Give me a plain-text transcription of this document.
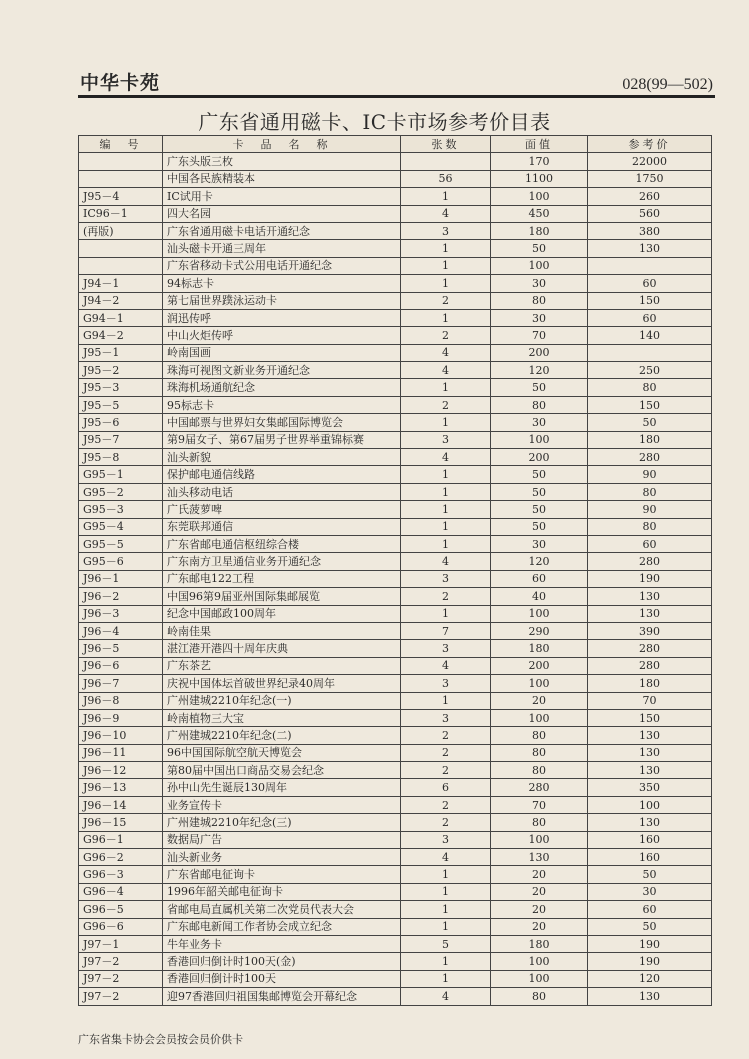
中华卡苑	028(99—502)
广东省通用磁卡、IC卡市场参考价目表
编　号	卡　品　名　称	张数	面值	参考价
	广东头版三枚		170	22000
	中国各民族精装本	56	1100	1750
J95－4	IC试用卡	1	100	260
IC96－1	四大名园	4	450	560
(再版)	广东省通用磁卡电话开通纪念	3	180	380
	汕头磁卡开通三周年	1	50	130
	广东省移动卡式公用电话开通纪念	1	100	
J94－1	94标志卡	1	30	60
J94－2	第七届世界蹼泳运动卡	2	80	150
G94－1	润迅传呼	1	30	60
G94－2	中山火炬传呼	2	70	140
J95－1	岭南国画	4	200	
J95－2	珠海可视图文新业务开通纪念	4	120	250
J95－3	珠海机场通航纪念	1	50	80
J95－5	95标志卡	2	80	150
J95－6	中国邮票与世界妇女集邮国际博览会	1	30	50
J95－7	第9届女子、第67届男子世界举重锦标赛	3	100	180
J95－8	汕头新貌	4	200	280
G95－1	保护邮电通信线路	1	50	90
G95－2	汕头移动电话	1	50	80
G95－3	广氏菠萝啤	1	50	90
G95－4	东莞联邦通信	1	50	80
G95－5	广东省邮电通信枢纽综合楼	1	30	60
G95－6	广东南方卫星通信业务开通纪念	4	120	280
J96－1	广东邮电122工程	3	60	190
J96－2	中国96第9届亚州国际集邮展览	2	40	130
J96－3	纪念中国邮政100周年	1	100	130
J96－4	岭南佳果	7	290	390
J96－5	湛江港开港四十周年庆典	3	180	280
J96－6	广东茶艺	4	200	280
J96－7	庆祝中国体坛首破世界纪录40周年	3	100	180
J96－8	广州建城2210年纪念(一)	1	20	70
J96－9	岭南植物三大宝	3	100	150
J96－10	广州建城2210年纪念(二)	2	80	130
J96－11	96中国国际航空航天博览会	2	80	130
J96－12	第80届中国出口商品交易会纪念	2	80	130
J96－13	孙中山先生诞辰130周年	6	280	350
J96－14	业务宣传卡	2	70	100
J96－15	广州建城2210年纪念(三)	2	80	130
G96－1	数据局广告	3	100	160
G96－2	汕头新业务	4	130	160
G96－3	广东省邮电征询卡	1	20	50
G96－4	1996年韶关邮电征询卡	1	20	30
G96－5	省邮电局直属机关第二次党员代表大会	1	20	60
G96－6	广东邮电新闻工作者协会成立纪念	1	20	50
J97－1	牛年业务卡	5	180	190
J97－2	香港回归倒计时100天(金)	1	100	190
J97－2	香港回归倒计时100天	1	100	120
J97－2	迎97香港回归祖国集邮博览会开幕纪念	4	80	130
广东省集卡协会会员按会员价供卡
